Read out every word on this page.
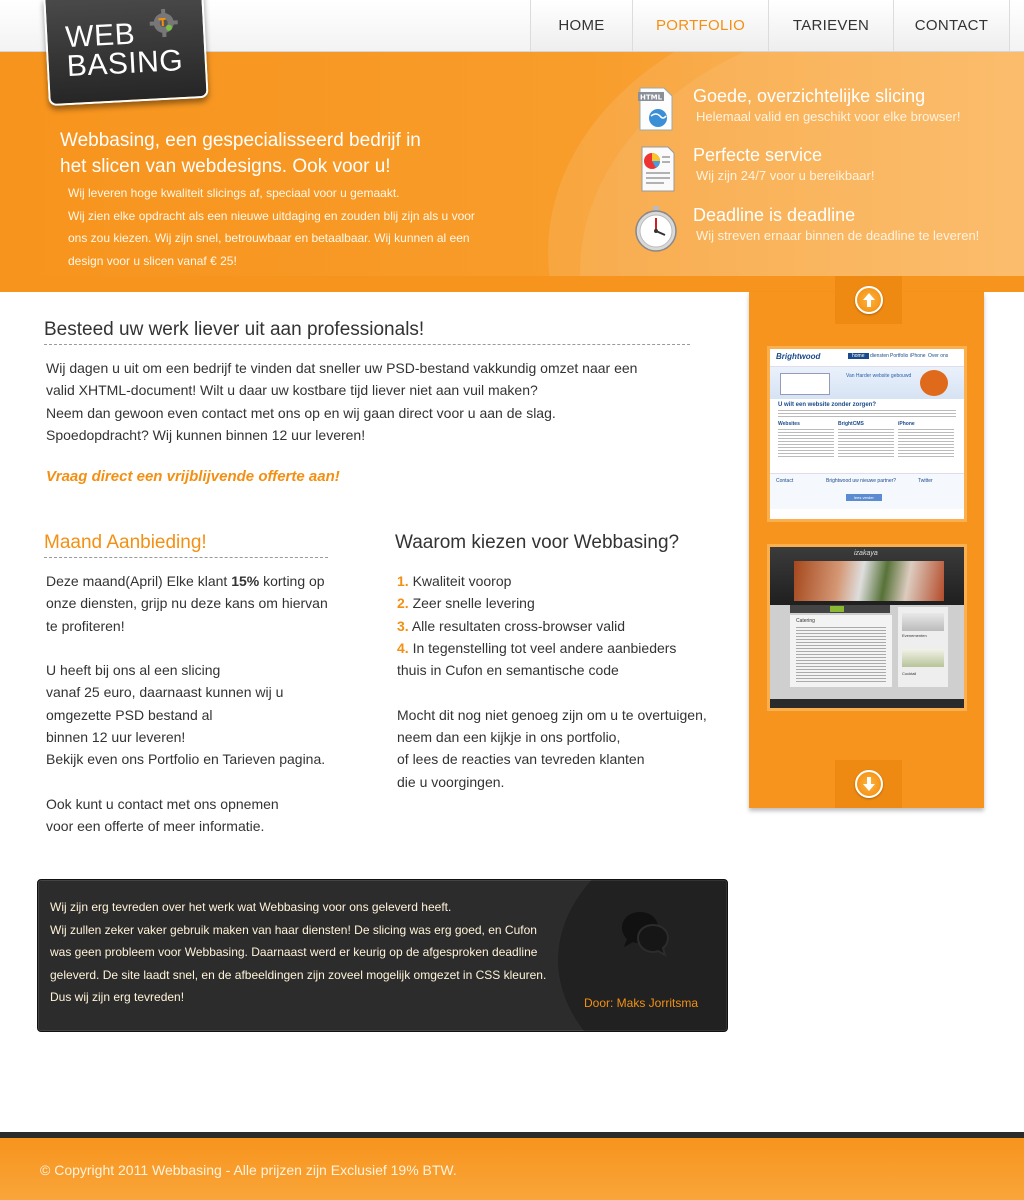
HOME	PORTFOLIO	TARIEVEN	CONTACT
WEB
BASING
Webbasing, een gespecialisseerd bedrijf in
het slicen van webdesigns. Ook voor u!
Wij leveren hoge kwaliteit slicings af, speciaal voor u gemaakt.
Wij zien elke opdracht als een nieuwe uitdaging en zouden blij zijn als u voor
ons zou kiezen. Wij zijn snel, betrouwbaar en betaalbaar. Wij kunnen al een
design voor u slicen vanaf € 25!
HTML Goede, overzichtelijke slicing
Helemaal valid en geschikt voor elke browser!
Perfecte service
Wij zijn 24/7 voor u bereikbaar!
Deadline is deadline
Wij streven ernaar binnen de deadline te leveren!
Besteed uw werk liever uit aan professionals!
Wij dagen u uit om een bedrijf te vinden dat sneller uw PSD-bestand vakkundig omzet naar een
valid XHTML-document! Wilt u daar uw kostbare tijd liever niet aan vuil maken?
Neem dan gewoon even contact met ons op en wij gaan direct voor u aan de slag.
Spoedopdracht? Wij kunnen binnen 12 uur leveren!
Vraag direct een vrijblijvende offerte aan!
Maand Aanbieding!
Deze maand(April) Elke klant 15% korting op
onze diensten, grijp nu deze kans om hiervan
te profiteren!
U heeft bij ons al een slicing
vanaf 25 euro, daarnaast kunnen wij u
omgezette PSD bestand al
binnen 12 uur leveren!
Bekijk even ons Portfolio en Tarieven pagina.
Ook kunt u contact met ons opnemen
voor een offerte of meer informatie.
Waarom kiezen voor Webbasing?
1. Kwaliteit voorop
2. Zeer snelle levering
3. Alle resultaten cross-browser valid
4. In tegenstelling tot veel andere aanbieders
thuis in Cufon en semantische code
Mocht dit nog niet genoeg zijn om u te overtuigen,
neem dan een kijkje in ons portfolio,
of lees de reacties van tevreden klanten
die u voorgingen.
Brightwood	home	diensten Portfolio iPhone Over ons
Van Harder website gebouwd
U wilt een website zonder zorgen?
Websites	BrightCMS	iPhone
Contact	Brightwood uw nieuwe partner?	Twitter
lees verder
izakaya
Catering
Evenementen
Cocktail
Wij zijn erg tevreden over het werk wat Webbasing voor ons geleverd heeft.
Wij zullen zeker vaker gebruik maken van haar diensten! De slicing was erg goed, en Cufon
was geen probleem voor Webbasing. Daarnaast werd er keurig op de afgesproken deadline
geleverd. De site laadt snel, en de afbeeldingen zijn zoveel mogelijk omgezet in CSS kleuren.
Dus wij zijn erg tevreden!	Door: Maks Jorritsma
© Copyright 2011 Webbasing - Alle prijzen zijn Exclusief 19% BTW.
